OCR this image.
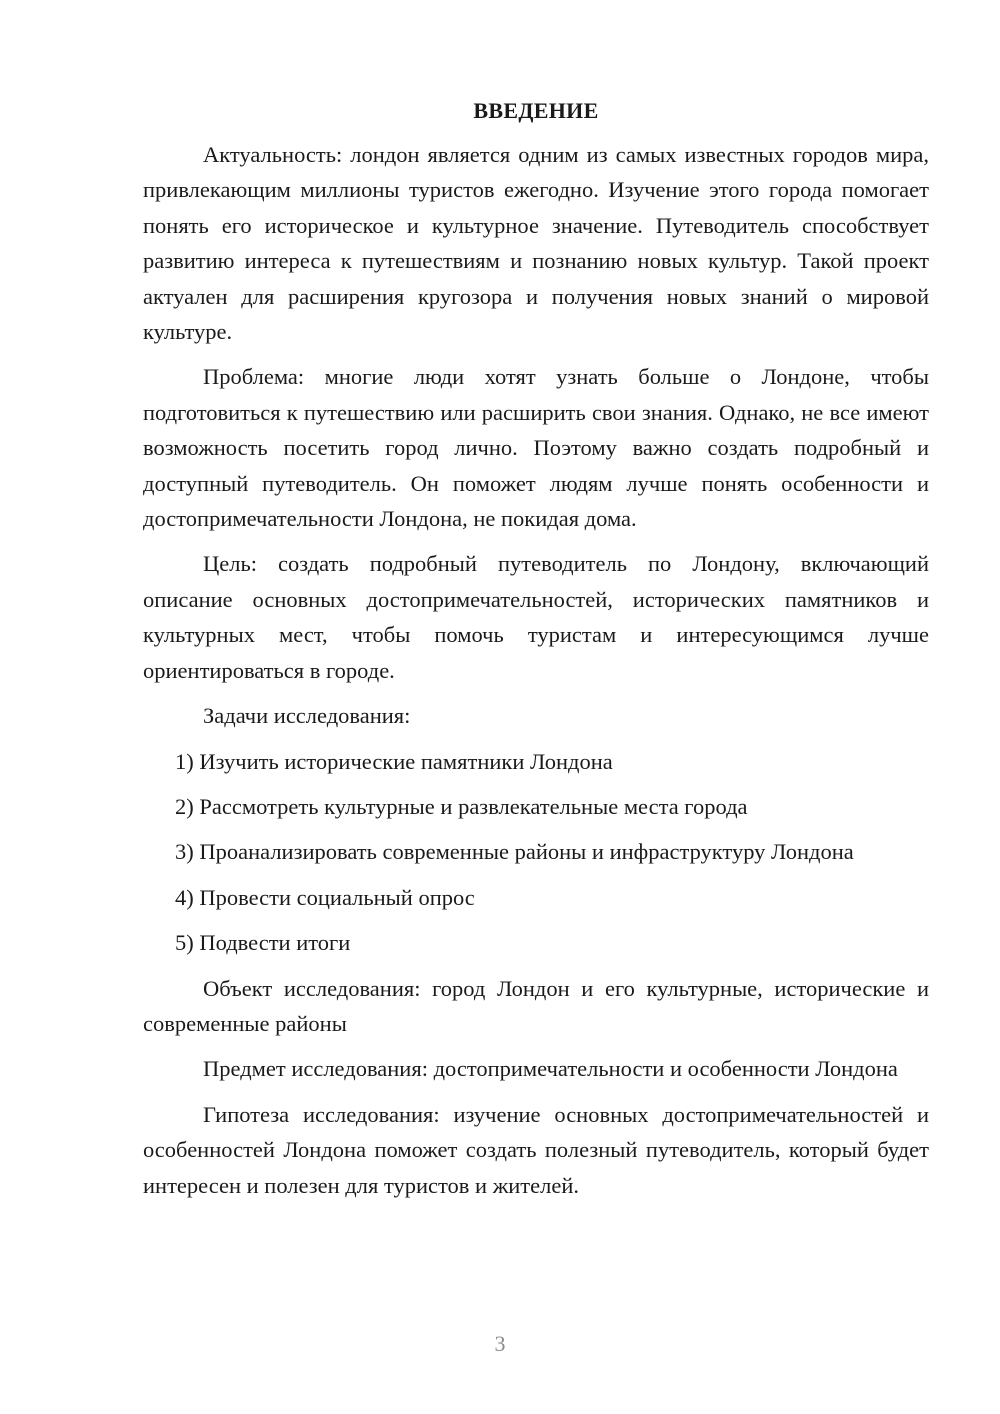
ВВЕДЕНИЕ

Актуальность: лондон является одним из самых известных городов мира, привлекающим миллионы туристов ежегодно. Изучение этого города помогает понять его историческое и культурное значение. Путеводитель способствует развитию интереса к путешествиям и познанию новых культур. Такой проект актуален для расширения кругозора и получения новых знаний о мировой культуре.

Проблема: многие люди хотят узнать больше о Лондоне, чтобы подготовиться к путешествию или расширить свои знания. Однако, не все имеют возможность посетить город лично. Поэтому важно создать подробный и доступный путеводитель. Он поможет людям лучше понять особенности и достопримечательности Лондона, не покидая дома.

Цель: создать подробный путеводитель по Лондону, включающий описание основных достопримечательностей, исторических памятников и культурных мест, чтобы помочь туристам и интересующимся лучше ориентироваться в городе.

Задачи исследования:

1) Изучить исторические памятники Лондона

2) Рассмотреть культурные и развлекательные места города

3) Проанализировать современные районы и инфраструктуру Лондона

4) Провести социальный опрос

5) Подвести итоги

Объект исследования: город Лондон и его культурные, исторические и современные районы

Предмет исследования: достопримечательности и особенности Лондона

Гипотеза исследования: изучение основных достопримечательностей и особенностей Лондона поможет создать полезный путеводитель, который будет интересен и полезен для туристов и жителей.

3
